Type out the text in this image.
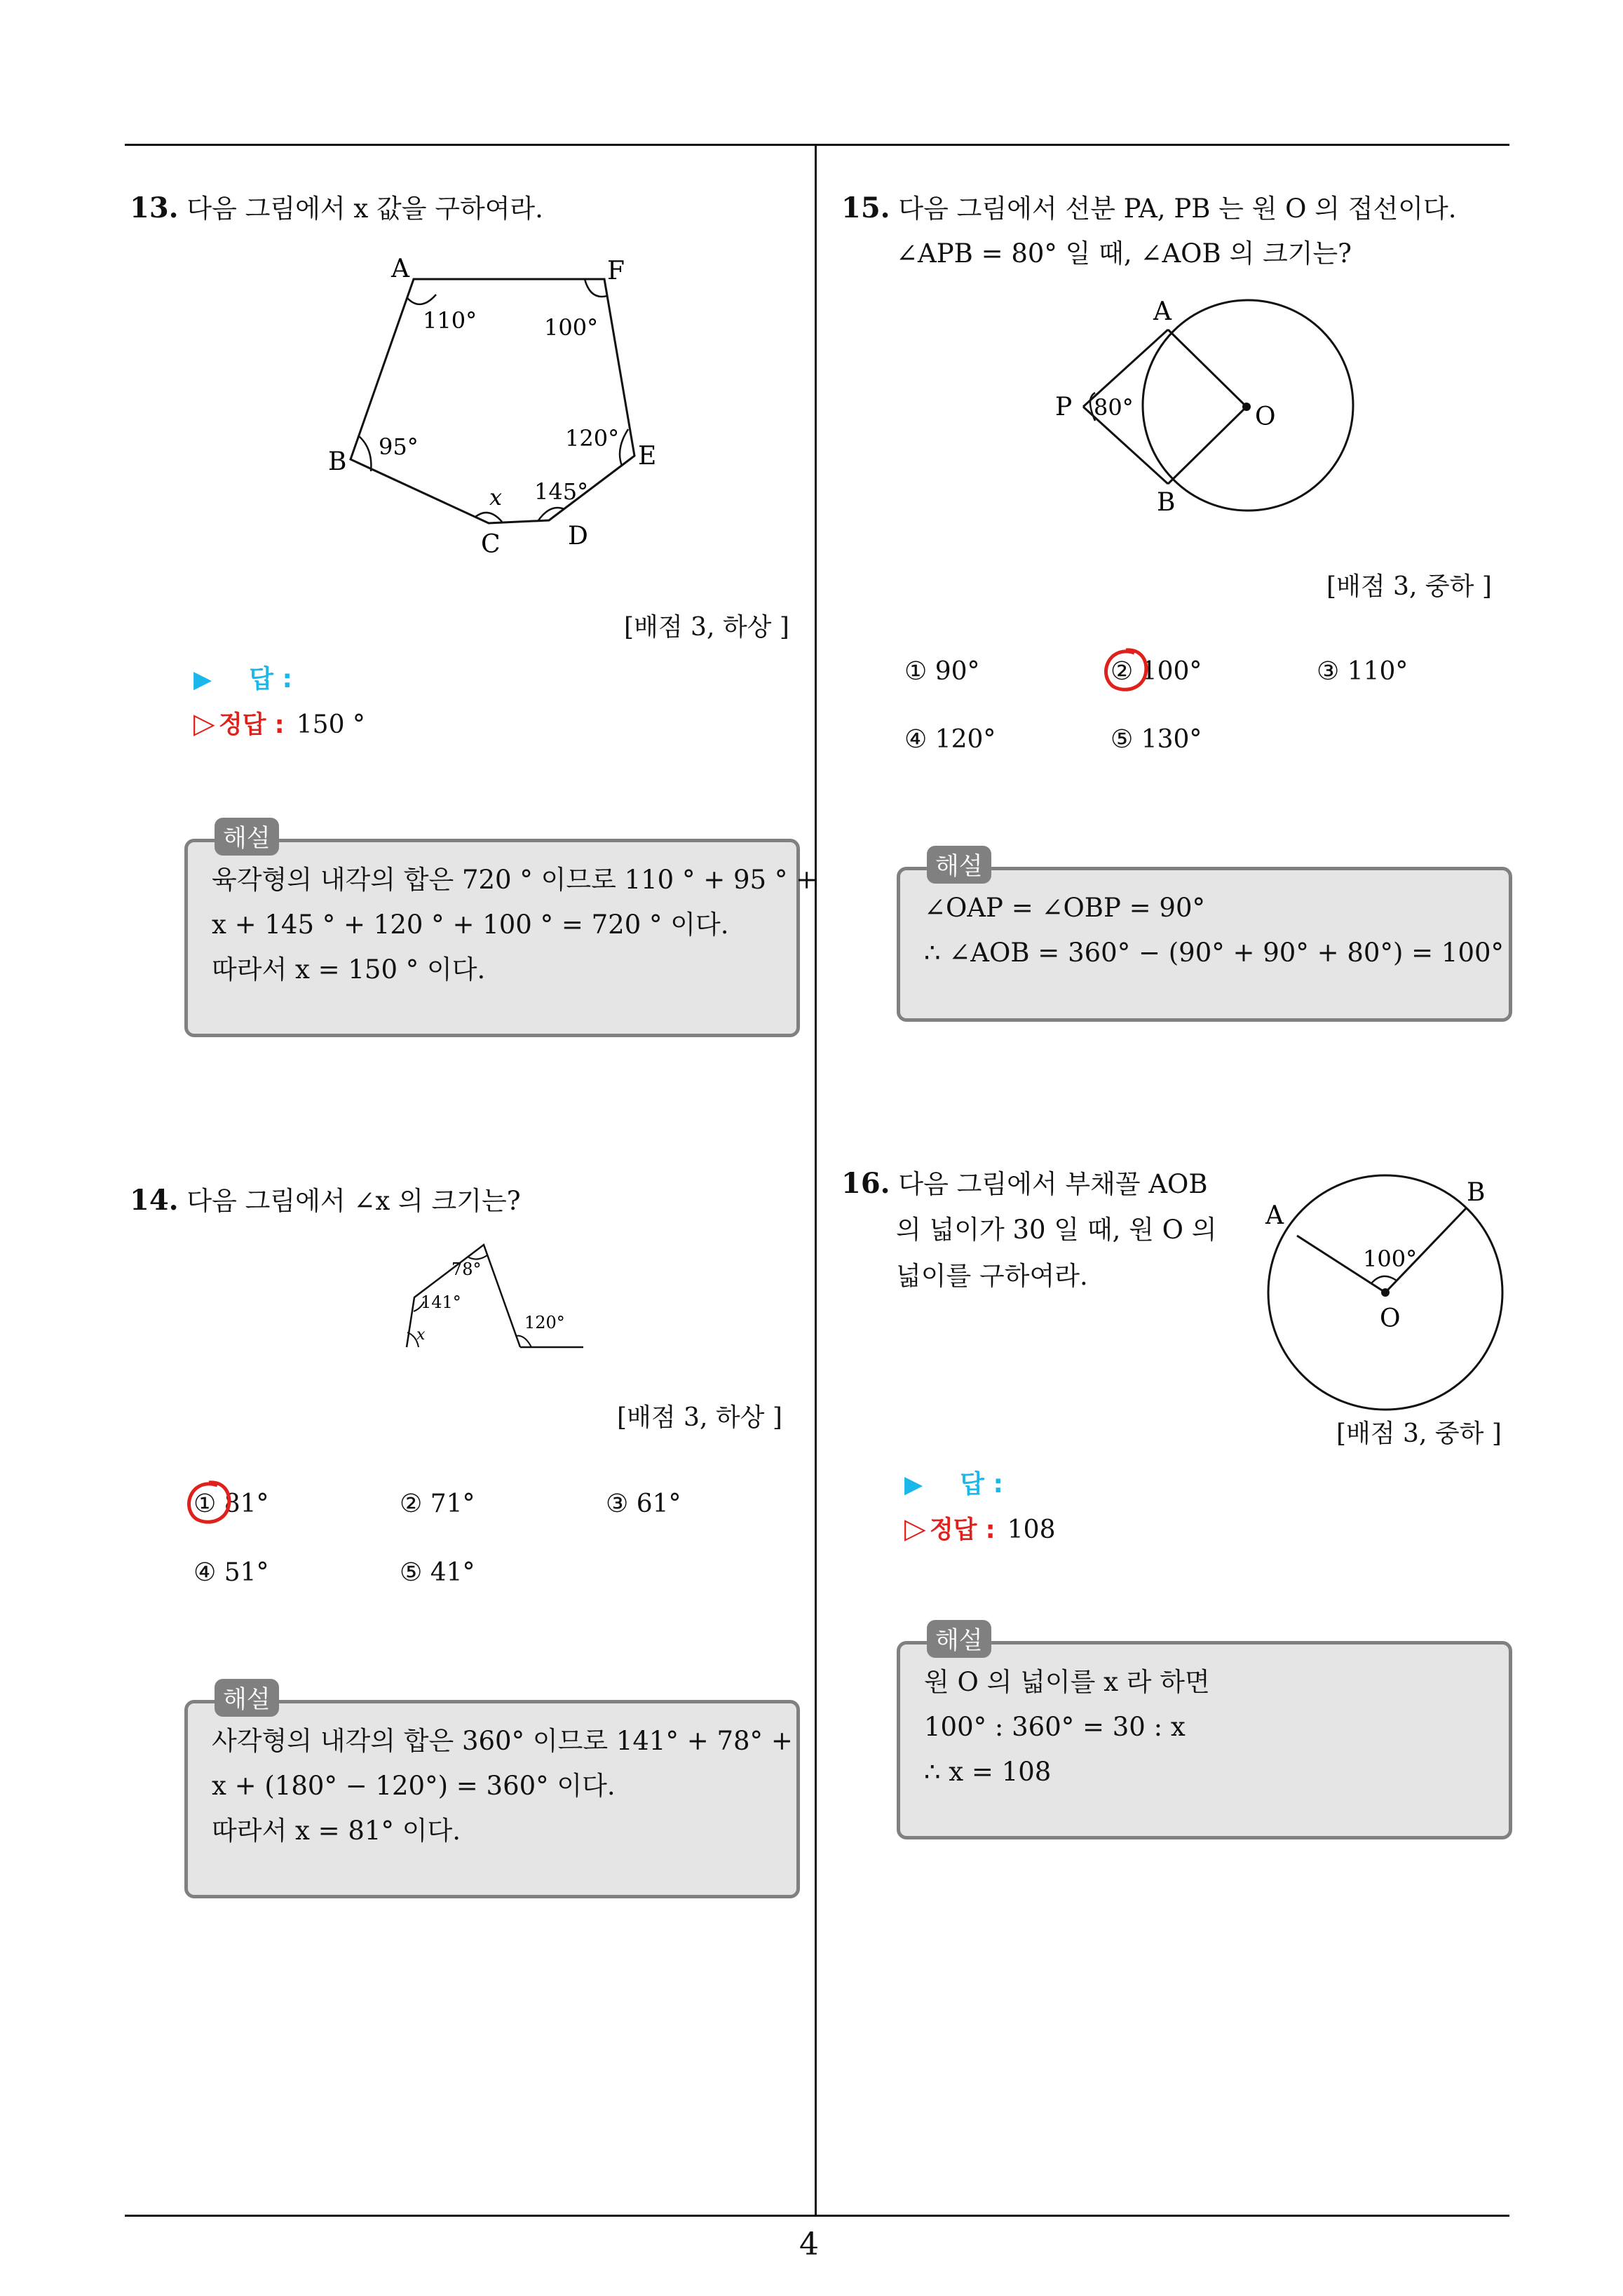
4
13. 다음 그림에서 x 값을 구하여라.
A	F
B	E
C	D
110°	100°
95°	120°
145°
x
[배점 3, 하상 ]
▶ 답 :
▷ 정답 : 150 °
육각형의 내각의 합은 720 ° 이므로 110 ° + 95 ° +
x + 145 ° + 120 ° + 100 ° = 720 ° 이다.
따라서 x = 150 ° 이다.
해설
14. 다음 그림에서 ∠x 의 크기는?
78°
141°
x
120°
[배점 3, 하상 ]
① 81°	② 71°	③ 61°
④ 51°	⑤ 41°
사각형의 내각의 합은 360° 이므로 141° + 78° +
x + (180° − 120°) = 360° 이다.
따라서 x = 81° 이다.
해설
15. 다음 그림에서 선분 PA, PB 는 원 O 의 접선이다.
∠APB = 80° 일 때, ∠AOB 의 크기는?
A
B
P	O
80°
[배점 3, 중하 ]
① 90°	② 100°	③ 110°
④ 120°	⑤ 130°
∠OAP = ∠OBP = 90°
∴ ∠AOB = 360° − (90° + 90° + 80°) = 100°
해설
16. 다음 그림에서 부채꼴 AOB
의 넓이가 30 일 때, 원 O 의
넓이를 구하여라.
A
B
O
100°
[배점 3, 중하 ]
▶ 답 :
▷ 정답 : 108
원 O 의 넓이를 x 라 하면
100° : 360° = 30 : x
∴ x = 108
해설
